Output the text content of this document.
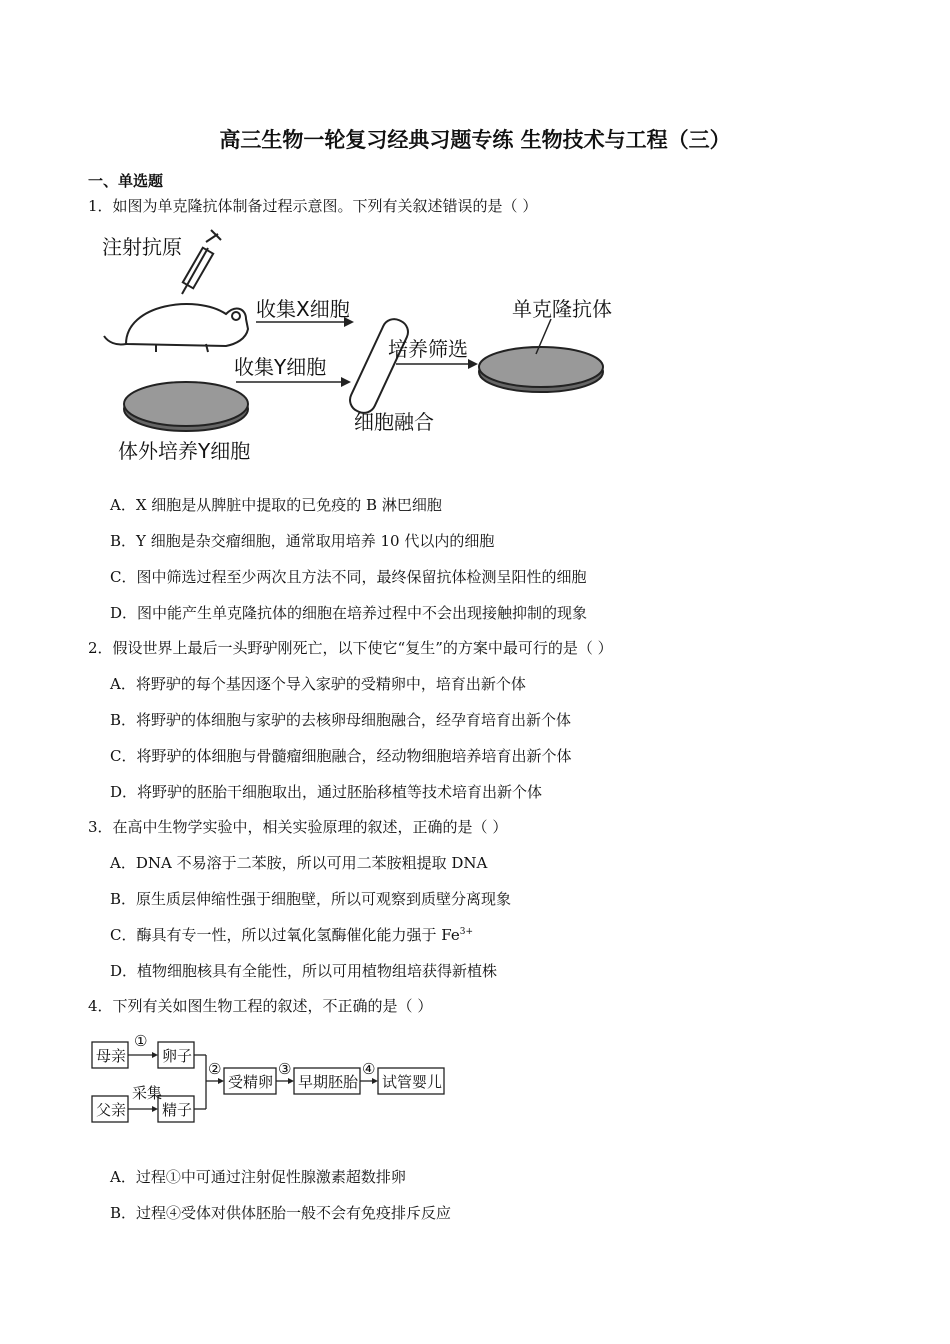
高三生物一轮复习经典习题专练 生物技术与工程（三）
一、单选题
1．如图为单克隆抗体制备过程示意图。下列有关叙述错误的是（ ）
注射抗原
收集X细胞
体外培养Y细胞
收集Y细胞
细胞融合
培养筛选
单克隆抗体
A．X 细胞是从脾脏中提取的已免疫的 B 淋巴细胞
B．Y 细胞是杂交瘤细胞，通常取用培养 10 代以内的细胞
C．图中筛选过程至少两次且方法不同，最终保留抗体检测呈阳性的细胞
D．图中能产生单克隆抗体的细胞在培养过程中不会出现接触抑制的现象
2．假设世界上最后一头野驴刚死亡，以下使它“复生”的方案中最可行的是（ ）
A．将野驴的每个基因逐个导入家驴的受精卵中，培育出新个体
B．将野驴的体细胞与家驴的去核卵母细胞融合，经孕育培育出新个体
C．将野驴的体细胞与骨髓瘤细胞融合，经动物细胞培养培育出新个体
D．将野驴的胚胎干细胞取出，通过胚胎移植等技术培育出新个体
3．在高中生物学实验中，相关实验原理的叙述，正确的是（ ）
A．DNA 不易溶于二苯胺，所以可用二苯胺粗提取 DNA
B．原生质层伸缩性强于细胞壁，所以可观察到质壁分离现象
C．酶具有专一性，所以过氧化氢酶催化能力强于 $Fe^{3+}$
D．植物细胞核具有全能性，所以可用植物组培获得新植株
4．下列有关如图生物工程的叙述，不正确的是（ ）
母亲
父亲
卵子
精子
受精卵 早期胚胎 试管婴儿
采集
①
②	③	④
A．过程①中可通过注射促性腺激素超数排卵
B．过程④受体对供体胚胎一般不会有免疫排斥反应
